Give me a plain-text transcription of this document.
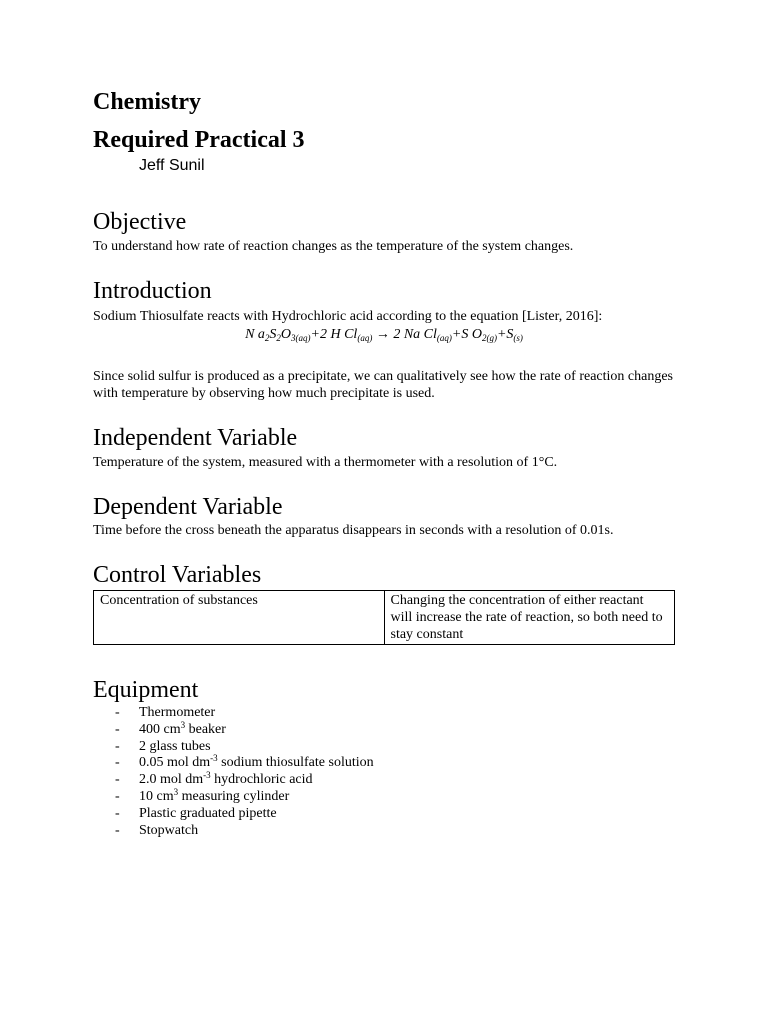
Chemistry
Required Practical 3
Jeff Sunil
Objective

To understand how rate of reaction changes as the temperature of the system changes.

Introduction

Sodium Thiosulfate reacts with Hydrochloric acid according to the equation [Lister, 2016]:

N $a_2S_2O_{3(aq)}+2$ H $Cl_{(aq)} \to 2$ Na $Cl_{(aq)}+S$ $O_{2(g)}+S_{(s)}$

Since solid sulfur is produced as a precipitate, we can qualitatively see how the rate of reaction changes with temperature by observing how much precipitate is used.

Independent Variable

Temperature of the system, measured with a thermometer with a resolution of 1°C.

Dependent Variable

Time before the cross beneath the apparatus disappears in seconds with a resolution of 0.01s.

Control Variables
Concentration of substances	Changing the concentration of either reactant will increase the rate of reaction, so both need to stay constant
Equipment
- Thermometer
- 400 $cm^3$ beaker
- 2 glass tubes
- 0.05 mol $dm^{-3}$ sodium thiosulfate solution
- 2.0 mol $dm^{-3}$ hydrochloric acid
- 10 $cm^3$ measuring cylinder
- Plastic graduated pipette
- Stopwatch
